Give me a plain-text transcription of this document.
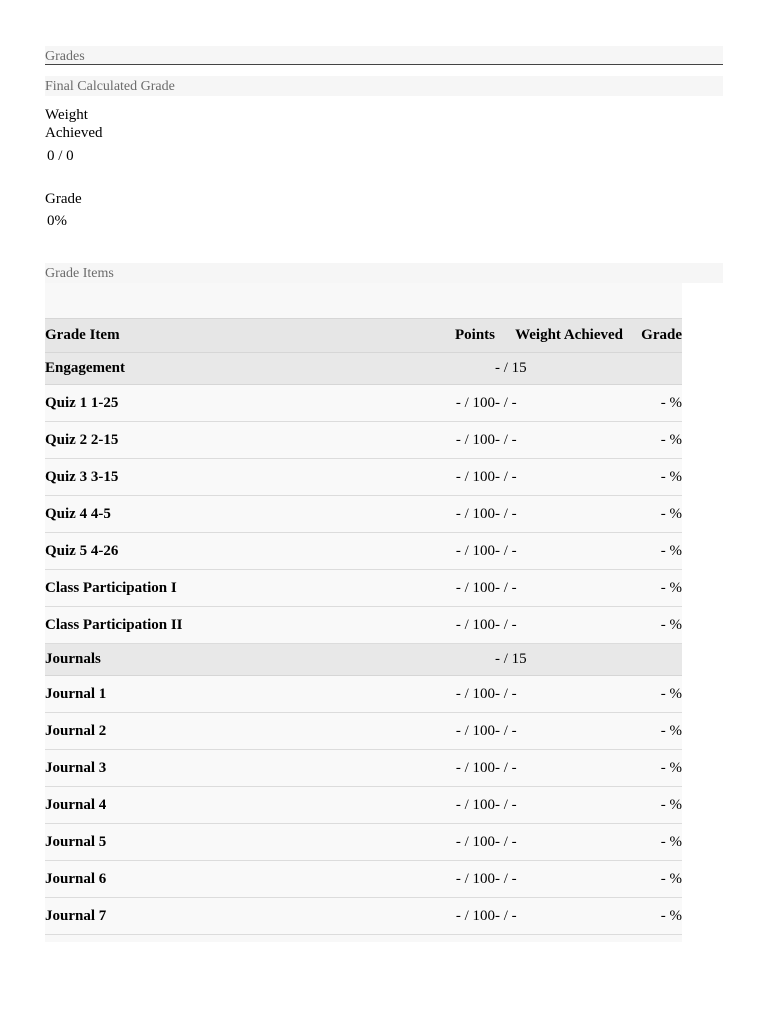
Grades
Final Calculated Grade
Weight
Achieved
0 / 0
Grade
0%
Grade Items
Grade Item	Points	Weight Achieved	Grade
Engagement		- / 15	
Quiz 1 1-25	- / 100	- / -	- %
Quiz 2 2-15	- / 100	- / -	- %
Quiz 3 3-15	- / 100	- / -	- %
Quiz 4 4-5	- / 100	- / -	- %
Quiz 5 4-26	- / 100	- / -	- %
Class Participation I	- / 100	- / -	- %
Class Participation II	- / 100	- / -	- %
Journals		- / 15	
Journal 1	- / 100	- / -	- %
Journal 2	- / 100	- / -	- %
Journal 3	- / 100	- / -	- %
Journal 4	- / 100	- / -	- %
Journal 5	- / 100	- / -	- %
Journal 6	- / 100	- / -	- %
Journal 7	- / 100	- / -	- %
